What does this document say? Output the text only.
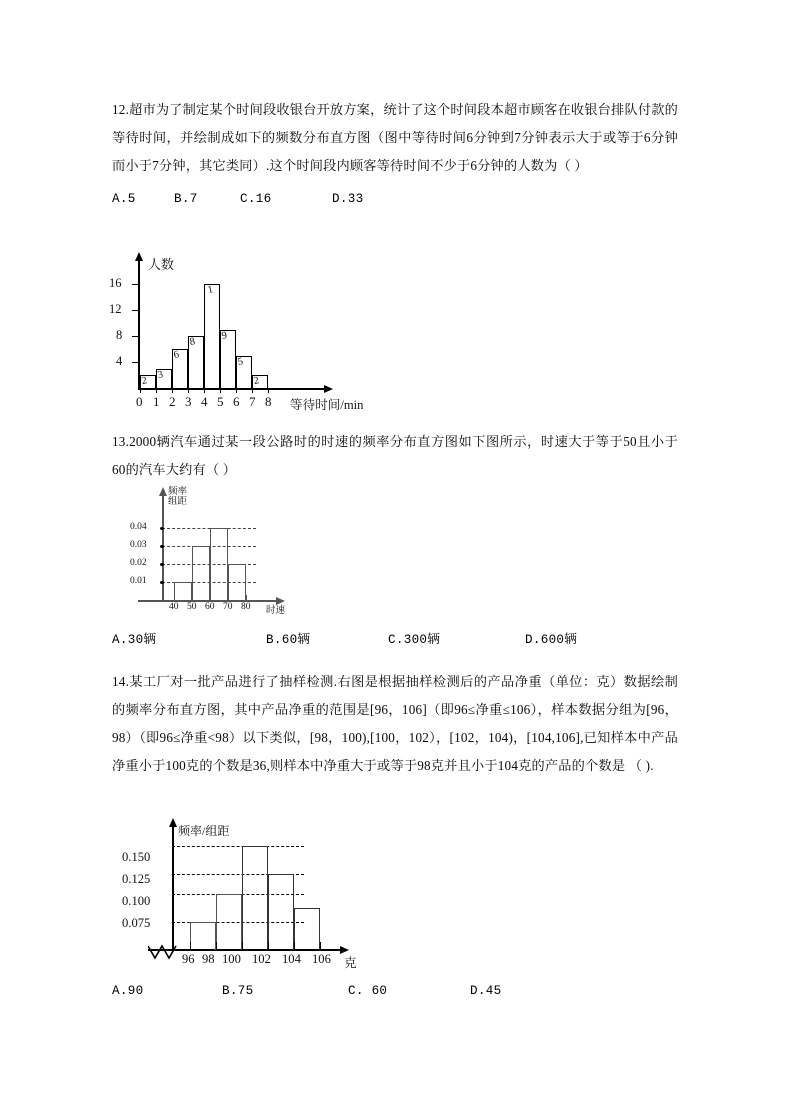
12.超市为了制定某个时间段收银台开放方案，统计了这个时间段本超市顾客在收银台排队付款的等待时间，并绘制成如下的频数分布直方图（图中等待时间6分钟到7分钟表示大于或等于6分钟而小于7分钟，其它类同）.这个时间段内顾客等待时间不少于6分钟的人数为（ ）
A.5	B.7	C.16	D.33
人数
4
8
12
16
2
3
6
8
1
9
5
2
0 1 2 3 4 5 6 7 8 等待时间/min
13.2000辆汽车通过某一段公路时的时速的频率分布直方图如下图所示，时速大于等于50且小于60的汽车大约有（ ）
频率
组距
0.01
0.02
0.03
0.04
40 50 60 70 80 时速
A.30辆	B.60辆	C.300辆	D.600辆
14.某工厂对一批产品进行了抽样检测.右图是根据抽样检测后的产品净重（单位：克）数据绘制的频率分布直方图，其中产品净重的范围是[96，106]（即96≤净重≤106），样本数据分组为[96，98）（即96≤净重<98）以下类似，[98，100),[100，102），[102，104)，[104,106],已知样本中产品净重小于100克的个数是36,则样本中净重大于或等于98克并且小于104克的产品的个数是 （ ).
频率/组距
0.150
0.125
0.100
0.075
96 98 100 102 104 106 克
A.90	B.75	C. 60	D.45
